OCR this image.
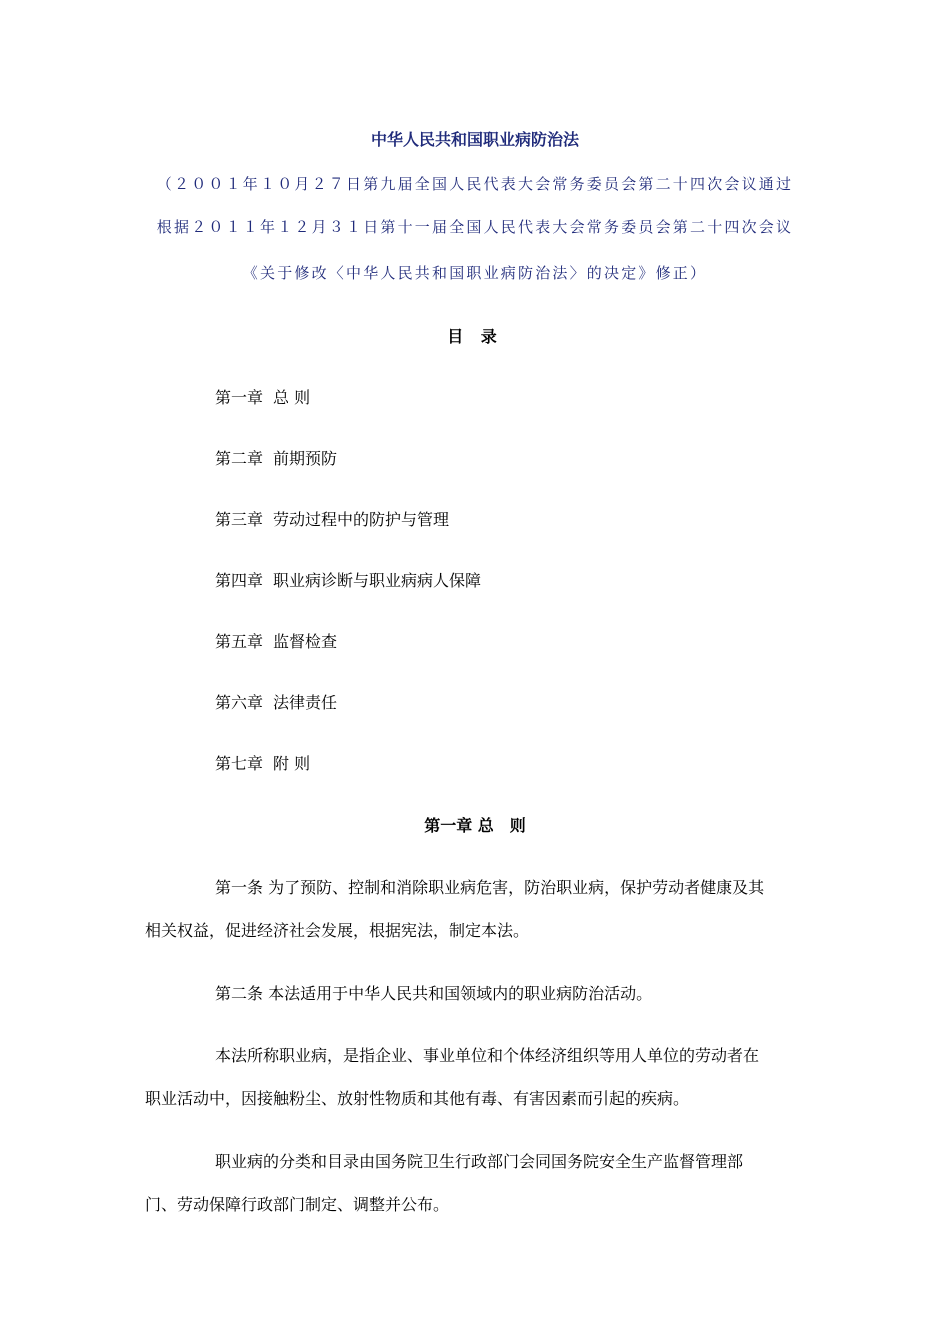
中华人民共和国职业病防治法
（２００１年１０月２７日第九届全国人民代表大会常务委员会第二十四次会议通过
根据２０１１年１２月３１日第十一届全国人民代表大会常务委员会第二十四次会议
《关于修改〈中华人民共和国职业病防治法〉的决定》修正）
目 录
第一章 总 则
第二章 前期预防
第三章 劳动过程中的防护与管理
第四章 职业病诊断与职业病病人保障
第五章 监督检查
第六章 法律责任
第七章 附 则
第一章 总　则
第一条 为了预防、控制和消除职业病危害，防治职业病，保护劳动者健康及其
相关权益，促进经济社会发展，根据宪法，制定本法。
第二条 本法适用于中华人民共和国领域内的职业病防治活动。
本法所称职业病，是指企业、事业单位和个体经济组织等用人单位的劳动者在
职业活动中，因接触粉尘、放射性物质和其他有毒、有害因素而引起的疾病。
职业病的分类和目录由国务院卫生行政部门会同国务院安全生产监督管理部
门、劳动保障行政部门制定、调整并公布。
